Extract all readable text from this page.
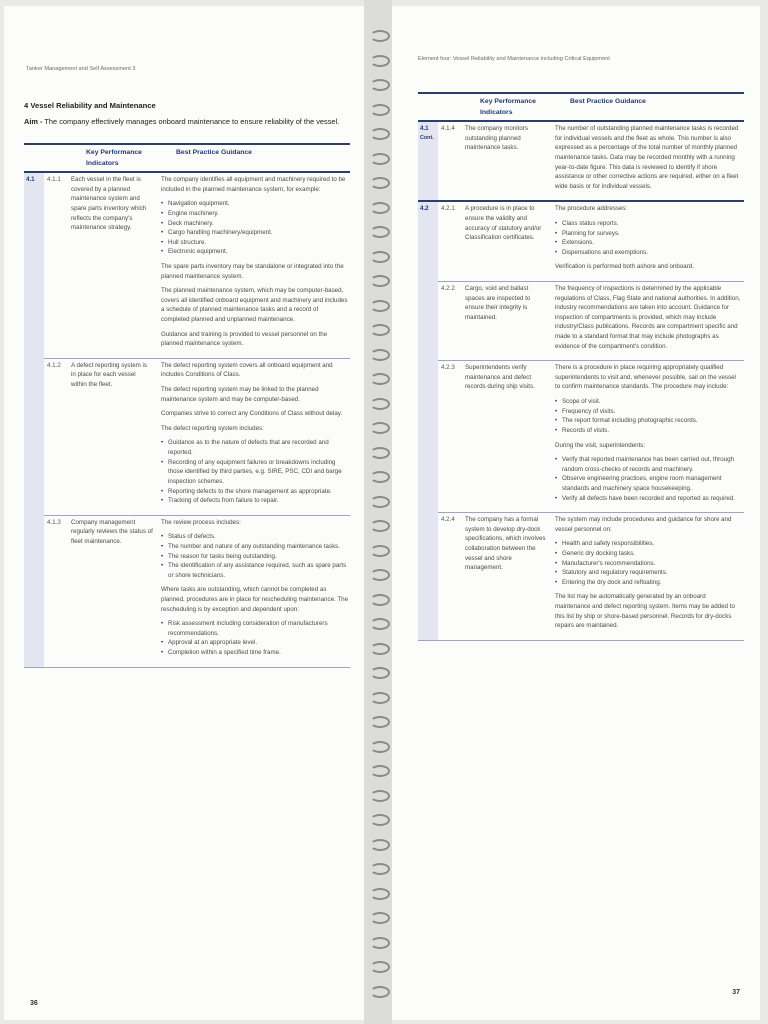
Tanker Management and Self Assessment 3
4 Vessel Reliability and Maintenance
Aim - The company effectively manages onboard maintenance to ensure reliability of the vessel.
Key Performance Indicators
Best Practice Guidance
4.1	4.1.1	Each vessel in the fleet is covered by a planned maintenance system and spare parts inventory which reflects the company's maintenance strategy.
The company identifies all equipment and machinery required to be included in the planned maintenance system, for example:
• Navigation equipment.
• Engine machinery.
• Deck machinery.
• Cargo handling machinery/equipment.
• Hull structure.
• Electronic equipment.
The spare parts inventory may be standalone or integrated into the planned maintenance system.
The planned maintenance system, which may be computer-based, covers all identified onboard equipment and machinery and includes a schedule of planned maintenance tasks and a record of completed planned and unplanned maintenance.
Guidance and training is provided to vessel personnel on the planned maintenance system.
4.1.2	A defect reporting system is in place for each vessel within the fleet.
The defect reporting system covers all onboard equipment and includes Conditions of Class.
The defect reporting system may be linked to the planned maintenance system and may be computer-based.
Companies strive to correct any Conditions of Class without delay.
The defect reporting system includes:
• Guidance as to the nature of defects that are recorded and reported.
• Recording of any equipment failures or breakdowns including those identified by third parties, e.g. SIRE, PSC, CDI and barge inspection schemes.
• Reporting defects to the shore management as appropriate.
• Tracking of defects from failure to repair.
4.1.3	Company management regularly reviews the status of fleet maintenance.
The review process includes:
• Status of defects.
• The number and nature of any outstanding maintenance tasks.
• The reason for tasks being outstanding.
• The identification of any assistance required, such as spare parts or shore technicians.
Where tasks are outstanding, which cannot be completed as planned, procedures are in place for rescheduling maintenance. The rescheduling is by exception and dependent upon:
• Risk assessment including consideration of manufacturers recommendations.
• Approval at an appropriate level.
• Completion within a specified time frame.
36
Element four: Vessel Reliability and Maintenance including Critical Equipment
Key Performance Indicators
Best Practice Guidance
4.1
Cont.
4.1.4	The company monitors outstanding planned maintenance tasks.
The number of outstanding planned maintenance tasks is recorded for individual vessels and the fleet as whole. This number is also expressed as a percentage of the total number of monthly planned maintenance tasks. Data may be recorded monthly with a running year-to-date figure. This data is reviewed to identify if shore assistance or other corrective actions are required, either on a fleet wide basis or for individual vessels.
4.2	4.2.1	A procedure is in place to ensure the validity and accuracy of statutory and/or Classification certificates.
The procedure addresses:
• Class status reports.
• Planning for surveys.
• Extensions.
• Dispensations and exemptions.
Verification is performed both ashore and onboard.
4.2.2	Cargo, void and ballast spaces are inspected to ensure their integrity is maintained.
The frequency of inspections is determined by the applicable regulations of Class, Flag State and national authorities. In addition, industry recommendations are taken into account. Guidance for inspection of compartments is provided, which may include industry/Class publications. Records are compartment specific and made to a standard format that may include photographs as evidence of the compartment's condition.
4.2.3	Superintendents verify maintenance and defect records during ship visits.
There is a procedure in place requiring appropriately qualified superintendents to visit and, whenever possible, sail on the vessel to confirm maintenance standards. The procedure may include:
• Scope of visit.
• Frequency of visits.
• The report format including photographic records.
• Records of visits.
During the visit, superintendents:
• Verify that reported maintenance has been carried out, through random cross-checks of records and machinery.
• Observe engineering practices, engine room management standards and machinery space housekeeping.
• Verify all defects have been recorded and reported as required.
4.2.4	The company has a formal system to develop dry-dock specifications, which involves collaboration between the vessel and shore management.
The system may include procedures and guidance for shore and vessel personnel on:
• Health and safety responsibilities.
• Generic dry docking tasks.
• Manufacturer's recommendations.
• Statutory and regulatory requirements.
• Entering the dry dock and refloating.
The list may be automatically generated by an onboard maintenance and defect reporting system. Items may be added to this list by ship or shore-based personnel. Records for dry-docks repairs are maintained.
37
